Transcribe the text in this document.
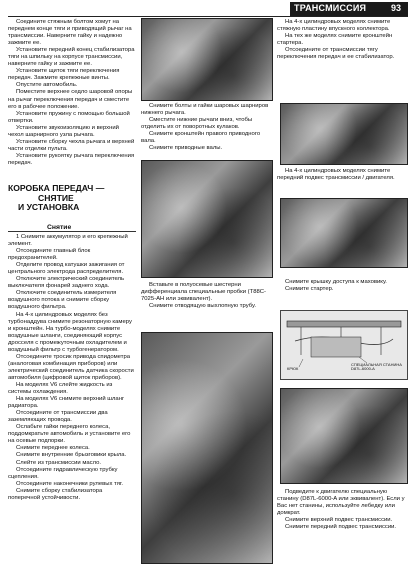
ТРАНСМИССИЯ	93

Соедините стяжным болтом хомут на переднем конце тяги и приводящий рычаг на трансмиссии. Наверните гайку и надежно зажмите ее.

Установите передний конец стабилизатора тяги на шпильку на корпусе трансмиссии, наверните гайку и зажмите ее.

Установите щиток тяги переключения передач. Зажмите крепежные винты.

Опустите автомобиль.

Поместите верхнее седло шаровой опоры на рычаг переключения передач и сместите его в рабочее положение.

Установите пружину с помощью большой отвертки.

Установите звукоизоляцию и верхний чехол шарнирного узла рычага.

Установите сборку чехла рычага и верхней части отделки пульта.

Установите рукоятку рычага переключения передач.

КОРОБКА ПЕРЕДАЧ —
СНЯТИЕ
И УСТАНОВКА
Снятие

1 Снимите аккумулятор и его крепежный элемент.

Отсоедините главный блок предохранителей.

Отделите провод катушки зажигания от центрального электрода распределителя.

Отключите электрический соединитель выключателя фонарей заднего хода.

Отключите соединитель измерителя воздушного потока и снимите сборку воздушного фильтра.

На 4-х цилиндровых моделях без турбонаддува снимите резонаторную камеру и кронштейн. На турбо-моделях снимите воздушные шланги, соединяющий корпус дросселя с промежуточным охладителем и воздушный фильтр с турбогенератором.

Отсоедините тросик привода спидометра (аналоговая комбинация приборов) или электрический соединитель датчика скорости автомобиля (цифровой щиток приборов).

На моделях V6 слейте жидкость из системы охлаждения.

На моделях V6 снимите верхний шланг радиатора.

Отсоедините от трансмиссии два заземляющих провода.

Ослабьте гайки переднего колеса, поддомкратьте автомобиль и установите его на осевые подпорки.

Снимите переднее колеса.

Снимите внутренние брызговики крыла.

Слейте из трансмиссии масло.

Отсоедините гидравлическую трубку сцепления.

Отсоедините наконечники рулевых тяг.

Снимите сборку стабилизатора поперечной устойчивости.

Снимите болты и гайки шаровых шарниров нижнего рычага.

Сместите нижние рычаги вниз, чтобы отделить их от поворотных кулаков.

Снимите кронштейн правого приводного вала.

Снимите приводные валы.

Вставьте в полуосевые шестерни дифференциала специальные пробки (T88C-7025-AH или эквивалент).

Снимите отводящую выхлопную трубу.

На 4-х цилиндровых моделях снимите стяжную пластину впускного коллектора.

На тех же моделях снимите кронштейн стартера.

Отсоедините от трансмиссии тягу переключения передач и ее стабилизатор.

На 4-х цилиндровых моделях снимите передний подвес трансмиссии / двигателя.

Снимите крышку доступа к маховику.

Снимите стартер.

КРЮК
СПЕЦИАЛЬНАЯ СТАНИНА D87L-6000-A

Подведите к двигателю специальную станину (D87L-6000-A или эквивалент). Если у Вас нет станины, используйте лебедку или домкрат.

Снимите верхний подвес трансмиссии.

Снимите передний подвес трансмиссии.
